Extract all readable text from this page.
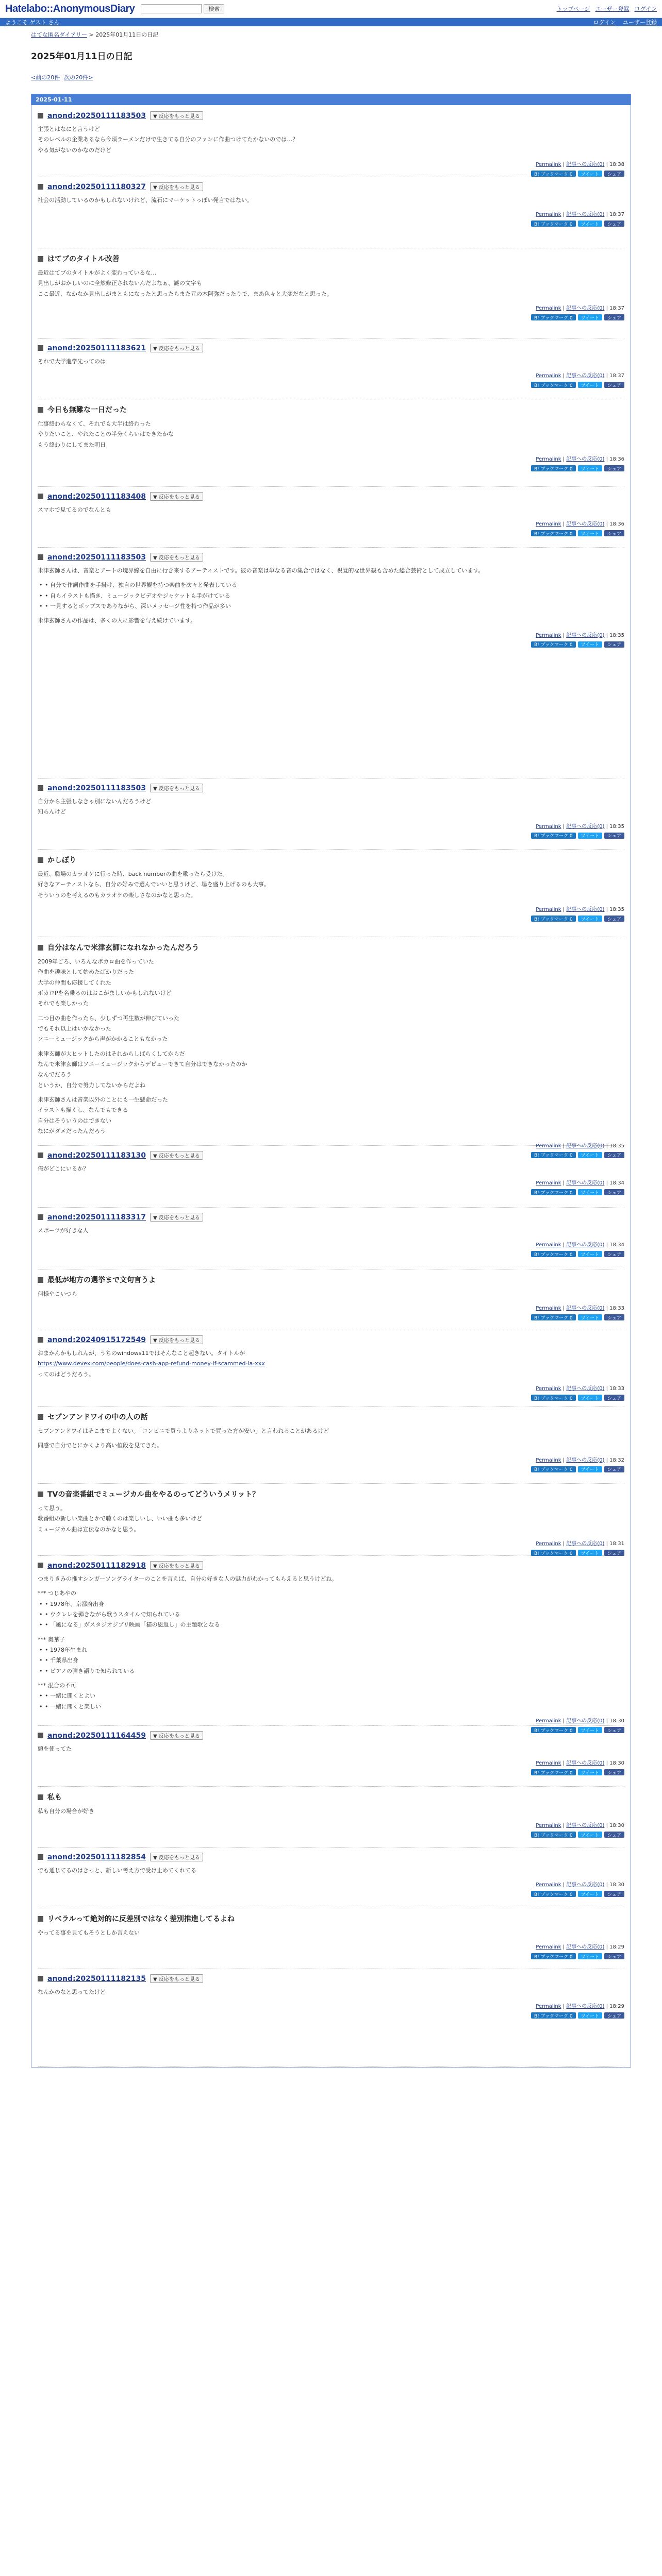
Hatelabo::AnonymousDiary	検索	トップページ ユーザー登録 ログイン
ようこそ ゲスト さん	ログイン ユーザー登録
はてな匿名ダイアリー > 2025年01月11日の日記
2025年01月11日の日記
<前の20件 次の20件>
2025-01-11
anond:20250111183503	▼ 反応をもっと見る
主張とはなにと言うけど
そのレベルの企業あるなら今頃ラーメンだけで生きてる自分のファンに作曲つけてたかないのでは…？
やる気がないのかなのだけど
Permalink | 記事への反応(0) | 18:38
B! ブックマーク 0	ツイート	シェア
anond:20250111180327	▼ 反応をもっと見る
社会の活動しているのかもしれないけれど、流石にマーケットっぽい発言ではない。
Permalink | 記事への反応(0) | 18:37
B! ブックマーク 0	ツイート	シェア
はてブのタイトル改善
最近はてブのタイトルがよく変わっているな…
見出しがおかしいのに全然修正されないんだよなぁ、謎の文字も
ここ最近、なかなか見出しがまともになったと思ったらまた元の木阿弥だったりで、まあ色々と大変だなと思った。
Permalink | 記事への反応(0) | 18:37
B! ブックマーク 0	ツイート	シェア
anond:20250111183621	▼ 反応をもっと見る
それで大学進学先ってのは
Permalink | 記事への反応(0) | 18:37
B! ブックマーク 0	ツイート	シェア
今日も無難な一日だった
仕事終わらなくて、それでも大半は終わった
やりたいこと、やれたことの半分くらいはできたかな
もう終わりにしてまた明日
Permalink | 記事への反応(0) | 18:36
B! ブックマーク 0	ツイート	シェア
anond:20250111183408	▼ 反応をもっと見る
スマホで見てるのでなんとも
Permalink | 記事への反応(0) | 18:36
B! ブックマーク 0	ツイート	シェア
anond:20250111183503	▼ 反応をもっと見る
米津玄師さんは、音楽とアートの境界線を自由に行き来するアーティストです。彼の音楽は単なる音の集合ではなく、視覚的な世界観も含めた総合芸術として成立しています。
• • 自分で作詞作曲を手掛け、独自の世界観を持つ楽曲を次々と発表している
• • 自らイラストも描き、ミュージックビデオやジャケットも手がけている
• • 一見するとポップスでありながら、深いメッセージ性を持つ作品が多い
米津玄師さんの作品は、多くの人に影響を与え続けています。
Permalink | 記事への反応(0) | 18:35
B! ブックマーク 0	ツイート	シェア
anond:20250111183503	▼ 反応をもっと見る
自分から主張しなきゃ別にないんだろうけど
知らんけど
Permalink | 記事への反応(0) | 18:35
B! ブックマーク 0	ツイート	シェア
かしぼり
最近、職場のカラオケに行った時、back numberの曲を歌ったら受けた。
好きなアーティストなら、自分の好みで選んでいいと思うけど、場を盛り上げるのも大事。
そういうのを考えるのもカラオケの楽しさなのかなと思った。
Permalink | 記事への反応(0) | 18:35
B! ブックマーク 0	ツイート	シェア
自分はなんで米津玄師になれなかったんだろう
2009年ごろ、いろんなボカロ曲を作っていた
作曲を趣味として始めたばかりだった
大学の仲間も応援してくれた
ボカロPを名乗るのはおこがましいかもしれないけど
それでも楽しかった
二つ目の曲を作ったら、少しずつ再生数が伸びていった
でもそれ以上はいかなかった
ソニーミュージックから声がかかることもなかった
米津玄師が大ヒットしたのはそれからしばらくしてからだ
なんで米津玄師はソニーミュージックからデビューできて自分はできなかったのか
なんでだろう
というか、自分で努力してないからだよね
米津玄師さんは音楽以外のことにも一生懸命だった
イラストも描くし、なんでもできる
自分はそういうのはできない
なにがダメだったんだろう
Permalink | 記事への反応(0) | 18:35
B! ブックマーク 0	ツイート	シェア
anond:20250111183130	▼ 反応をもっと見る
俺がどこにいるか？
Permalink | 記事への反応(0) | 18:34
B! ブックマーク 0	ツイート	シェア
anond:20250111183317	▼ 反応をもっと見る
スポーツが好きな人
Permalink | 記事への反応(0) | 18:34
B! ブックマーク 0	ツイート	シェア
最低が地方の選挙まで文句言うよ
何様やこいつら
Permalink | 記事への反応(0) | 18:33
B! ブックマーク 0	ツイート	シェア
anond:20240915172549	▼ 反応をもっと見る
おまかんかもしれんが、うちのwindows11ではそんなこと起きない。タイトルが
https://www.devex.com/people/does-cash-app-refund-money-if-scammed-ia-xxx
ってのはどうだろう。
Permalink | 記事への反応(0) | 18:33
B! ブックマーク 0	ツイート	シェア
セブンアンドワイの中の人の話
セブンアンドワイはそこまでよくない。「コンビニで買うよりネットで買った方が安い」と言われることがあるけど
同感で自分でとにかくより高い値段を見てきた。
Permalink | 記事への反応(0) | 18:32
B! ブックマーク 0	ツイート	シェア
TVの音楽番組でミュージカル曲をやるのってどういうメリット？
って思う。
歌番組の新しい楽曲とかで聴くのは楽しいし、いい曲も多いけど
ミュージカル曲は宣伝なのかなと思う。
Permalink | 記事への反応(0) | 18:31
B! ブックマーク 0	ツイート	シェア
anond:20250111182918	▼ 反応をもっと見る
つまりきみの推すシンガーソングライターのことを言えば、自分の好きな人の魅力がわかってもらえると思うけどね。
*** つじあやの
• • 1978年、京都府出身
• • ウクレレを弾きながら歌うスタイルで知られている
• • 「風になる」がスタジオジブリ映画「猫の恩返し」の主題歌となる
*** 奥華子
• • 1978年生まれ
• • 千葉県出身
• • ピアノの弾き語りで知られている
*** 混合の不可
• • 一緒に聞くとよい
• • 一緒に聞くと楽しい
Permalink | 記事への反応(0) | 18:30
B! ブックマーク 0	ツイート	シェア
anond:20250111164459	▼ 反応をもっと見る
頭を使ってた
Permalink | 記事への反応(0) | 18:30
B! ブックマーク 0	ツイート	シェア
私も
私も自分の場合が好き
Permalink | 記事への反応(0) | 18:30
B! ブックマーク 0	ツイート	シェア
anond:20250111182854	▼ 反応をもっと見る
でも通じてるのはきっと、新しい考え方で受け止めてくれてる
Permalink | 記事への反応(0) | 18:30
B! ブックマーク 0	ツイート	シェア
リベラルって絶対的に反差別ではなく差別推進してるよね
やってる事を見てもそうとしか言えない
Permalink | 記事への反応(0) | 18:29
B! ブックマーク 0	ツイート	シェア
anond:20250111182135	▼ 反応をもっと見る
なんかのなと思ってたけど
Permalink | 記事への反応(0) | 18:29
B! ブックマーク 0	ツイート	シェア
